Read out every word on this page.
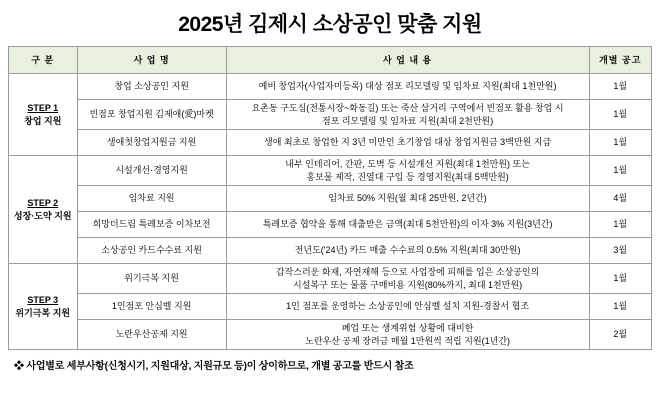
2025년 김제시 소상공인 맞춤 지원
구 분	사 업 명	사 업 내 용	개별 공고

STEP 1
창업 지원	창업 소상공인 지원	예비 창업자(사업자미등록) 대상 점포 리모델링 및 임차료 지원(최대 1천만원)	1월
	빈점포 창업지원 김제애(愛)마켓	요촌동 구도심(전통시장~화동길) 또는 죽산 삼거리 구역에서 빈점포 활용 창업 시
점포 리모델링 및 임차료 지원(최대 2천만원)	1월
	생애첫창업지원금 지원	생애 최초로 창업한 지 3년 미만인 초기창업 대상 창업지원금 3백만원 지급	1월

STEP 2
성장·도약 지원	시설개선·경영지원	내부 인테리어, 간판, 도벽 등 시설개선 지원(최대 1천만원) 또는
홍보물 제작, 진열대 구입 등 경영지원(최대 5백만원)	1월
	임차료 지원	임차료 50% 지원(월 최대 25만원, 2년간)	4월
	희망더드림 특례보증 이차보전	특례보증 협약을 통해 대출받은 금액(최대 5천만원)의 이자 3% 지원(3년간)	1월
	소상공인 카드수수료 지원	전년도('24년) 카드 매출 수수료의 0.5% 지원(최대 30만원)	3월

STEP 3
위기극복 지원	위기극복 지원	갑작스러운 화재, 자연재해 등으로 사업장에 피해를 입은 소상공인의
시설복구 또는 물품 구매비용 지원(80%까지, 최대 1천만원)	1월
	1인점포 안심벨 지원	1인 점포를 운영하는 소상공인에 안심벨 설치 지원-경찰서 협조	1월
	노란우산공제 지원	폐업 또는 생계위험 상황에 대비한
노란우산 공제 장려금 매월 1만원씩 적립 지원(1년간)	2월
❖ 사업별로 세부사항(신청시기, 지원대상, 지원규모 등)이 상이하므로, 개별 공고를 반드시 참조
